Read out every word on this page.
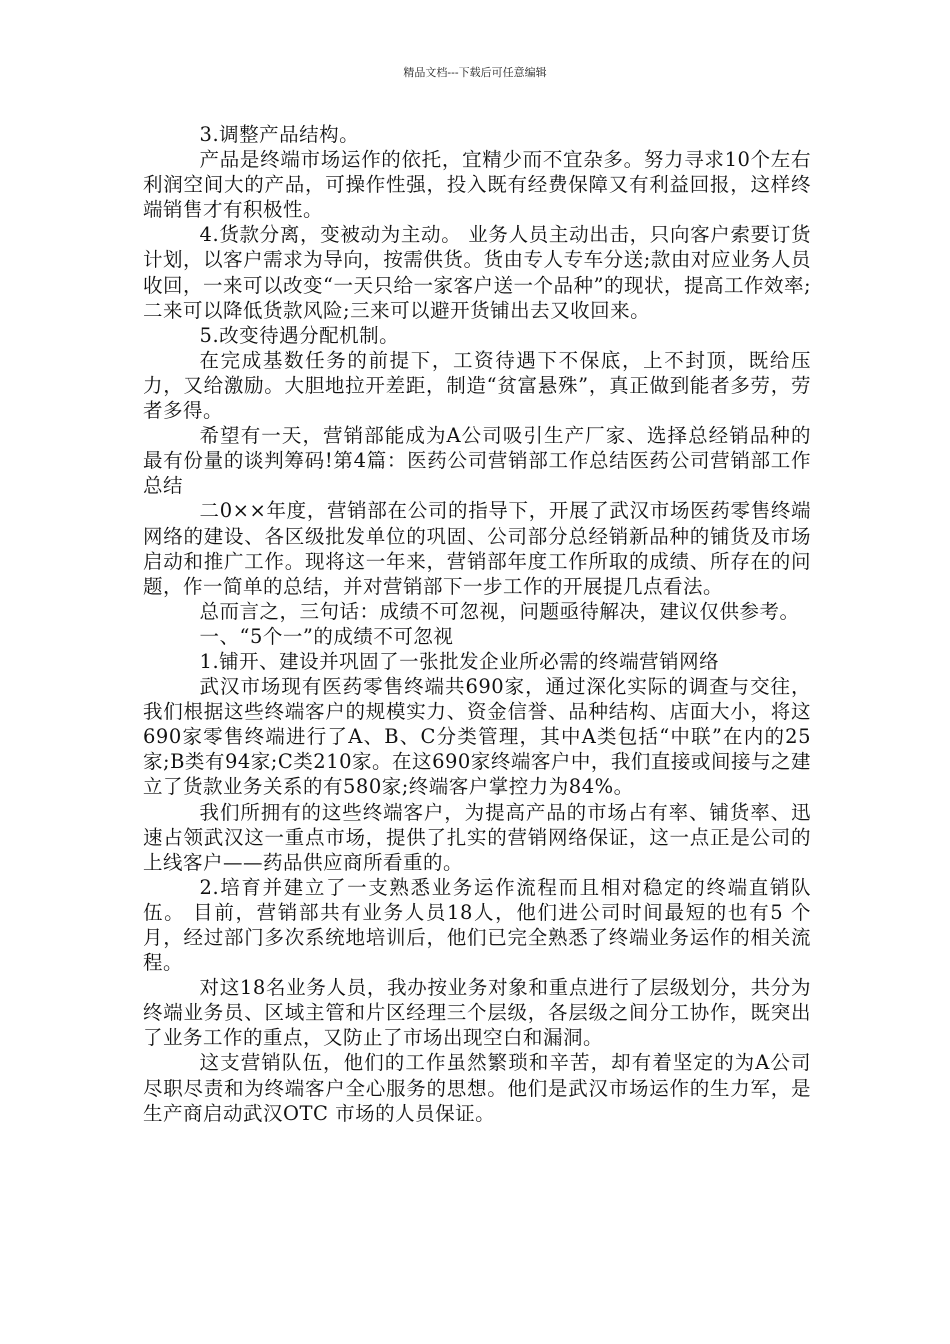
精品文档---下载后可任意编辑

3.调整产品结构。

产品是终端市场运作的依托，宜精少而不宜杂多。努力寻求10个左右利润空间大的产品，可操作性强，投入既有经费保障又有利益回报，这样终端销售才有积极性。

4.货款分离，变被动为主动。 业务人员主动出击，只向客户索要订货计划，以客户需求为导向，按需供货。货由专人专车分送;款由对应业务人员收回，一来可以改变“一天只给一家客户送一个品种”的现状，提高工作效率;二来可以降低货款风险;三来可以避开货铺出去又收回来。

5.改变待遇分配机制。

在完成基数任务的前提下，工资待遇下不保底，上不封顶，既给压力，又给激励。大胆地拉开差距，制造“贫富悬殊”，真正做到能者多劳，劳者多得。

希望有一天，营销部能成为A公司吸引生产厂家、选择总经销品种的最有份量的谈判筹码!第4篇：医药公司营销部工作总结医药公司营销部工作总结

二0××年度，营销部在公司的指导下，开展了武汉市场医药零售终端网络的建设、各区级批发单位的巩固、公司部分总经销新品种的铺货及市场启动和推广工作。现将这一年来，营销部年度工作所取的成绩、所存在的问题，作一简单的总结，并对营销部下一步工作的开展提几点看法。

总而言之，三句话：成绩不可忽视，问题亟待解决，建议仅供参考。

一、“5个一”的成绩不可忽视

1.铺开、建设并巩固了一张批发企业所必需的终端营销网络

武汉市场现有医药零售终端共690家，通过深化实际的调查与交往，我们根据这些终端客户的规模实力、资金信誉、品种结构、店面大小，将这690家零售终端进行了A、B、C分类管理，其中A类包括“中联”在内的25家;B类有94家;C类210家。在这690家终端客户中，我们直接或间接与之建立了货款业务关系的有580家;终端客户掌控力为84%。

我们所拥有的这些终端客户，为提高产品的市场占有率、铺货率、迅速占领武汉这一重点市场，提供了扎实的营销网络保证，这一点正是公司的上线客户——药品供应商所看重的。

2.培育并建立了一支熟悉业务运作流程而且相对稳定的终端直销队伍。 目前，营销部共有业务人员18人，他们进公司时间最短的也有5 个月，经过部门多次系统地培训后，他们已完全熟悉了终端业务运作的相关流程。

对这18名业务人员，我办按业务对象和重点进行了层级划分，共分为终端业务员、区域主管和片区经理三个层级，各层级之间分工协作，既突出了业务工作的重点，又防止了市场出现空白和漏洞。

这支营销队伍，他们的工作虽然繁琐和辛苦，却有着坚定的为A公司尽职尽责和为终端客户全心服务的思想。他们是武汉市场运作的生力军，是生产商启动武汉OTC 市场的人员保证。
